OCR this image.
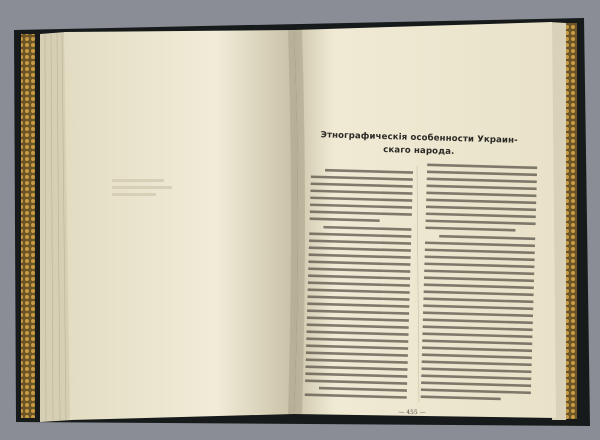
Этнографическія особенности Украин-
скаго народа.
— 455 —
